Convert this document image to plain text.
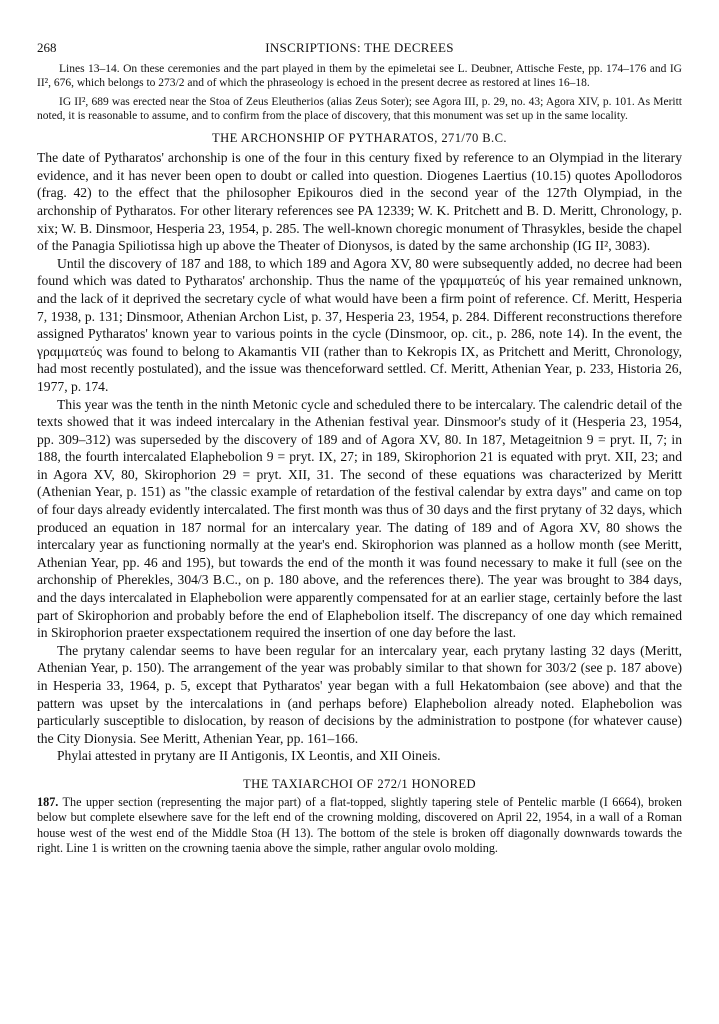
268	INSCRIPTIONS: THE DECREES

Lines 13–14. On these ceremonies and the part played in them by the epimeletai see L. Deubner, Attische Feste, pp. 174–176 and IG II², 676, which belongs to 273/2 and of which the phraseology is echoed in the present decree as restored at lines 16–18.

IG II², 689 was erected near the Stoa of Zeus Eleutherios (alias Zeus Soter); see Agora III, p. 29, no. 43; Agora XIV, p. 101. As Meritt noted, it is reasonable to assume, and to confirm from the place of discovery, that this monument was set up in the same locality.

THE ARCHONSHIP OF PYTHARATOS, 271/70 B.C.

The date of Pytharatos' archonship is one of the four in this century fixed by reference to an Olympiad in the literary evidence, and it has never been open to doubt or called into question. Diogenes Laertius (10.15) quotes Apollodoros (frag. 42) to the effect that the philosopher Epikouros died in the second year of the 127th Olympiad, in the archonship of Pytharatos. For other literary references see PA 12339; W. K. Pritchett and B. D. Meritt, Chronology, p. xix; W. B. Dinsmoor, Hesperia 23, 1954, p. 285. The well-known choregic monument of Thrasykles, beside the chapel of the Panagia Spiliotissa high up above the Theater of Dionysos, is dated by the same archonship (IG II², 3083).

Until the discovery of 187 and 188, to which 189 and Agora XV, 80 were subsequently added, no decree had been found which was dated to Pytharatos' archonship. Thus the name of the γραμματεύς of his year remained unknown, and the lack of it deprived the secretary cycle of what would have been a firm point of reference. Cf. Meritt, Hesperia 7, 1938, p. 131; Dinsmoor, Athenian Archon List, p. 37, Hesperia 23, 1954, p. 284. Different reconstructions therefore assigned Pytharatos' known year to various points in the cycle (Dinsmoor, op. cit., p. 286, note 14). In the event, the γραμματεύς was found to belong to Akamantis VII (rather than to Kekropis IX, as Pritchett and Meritt, Chronology, had most recently postulated), and the issue was thenceforward settled. Cf. Meritt, Athenian Year, p. 233, Historia 26, 1977, p. 174.

This year was the tenth in the ninth Metonic cycle and scheduled there to be intercalary. The calendric detail of the texts showed that it was indeed intercalary in the Athenian festival year. Dinsmoor's study of it (Hesperia 23, 1954, pp. 309–312) was superseded by the discovery of 189 and of Agora XV, 80. In 187, Metageitnion 9 = pryt. II, 7; in 188, the fourth intercalated Elaphebolion 9 = pryt. IX, 27; in 189, Skirophorion 21 is equated with pryt. XII, 23; and in Agora XV, 80, Skirophorion 29 = pryt. XII, 31. The second of these equations was characterized by Meritt (Athenian Year, p. 151) as "the classic example of retardation of the festival calendar by extra days" and came on top of four days already evidently intercalated. The first month was thus of 30 days and the first prytany of 32 days, which produced an equation in 187 normal for an intercalary year. The dating of 189 and of Agora XV, 80 shows the intercalary year as functioning normally at the year's end. Skirophorion was planned as a hollow month (see Meritt, Athenian Year, pp. 46 and 195), but towards the end of the month it was found necessary to make it full (see on the archonship of Pherekles, 304/3 B.C., on p. 180 above, and the references there). The year was brought to 384 days, and the days intercalated in Elaphebolion were apparently compensated for at an earlier stage, certainly before the last part of Skirophorion and probably before the end of Elaphebolion itself. The discrepancy of one day which remained in Skirophorion praeter exspectationem required the insertion of one day before the last.

The prytany calendar seems to have been regular for an intercalary year, each prytany lasting 32 days (Meritt, Athenian Year, p. 150). The arrangement of the year was probably similar to that shown for 303/2 (see p. 187 above) in Hesperia 33, 1964, p. 5, except that Pytharatos' year began with a full Hekatombaion (see above) and that the pattern was upset by the intercalations in (and perhaps before) Elaphebolion already noted. Elaphebolion was particularly susceptible to dislocation, by reason of decisions by the administration to postpone (for whatever cause) the City Dionysia. See Meritt, Athenian Year, pp. 161–166.

Phylai attested in prytany are II Antigonis, IX Leontis, and XII Oineis.

THE TAXIARCHOI OF 272/1 HONORED

187. The upper section (representing the major part) of a flat-topped, slightly tapering stele of Pentelic marble (I 6664), broken below but complete elsewhere save for the left end of the crowning molding, discovered on April 22, 1954, in a wall of a Roman house west of the west end of the Middle Stoa (H 13). The bottom of the stele is broken off diagonally downwards towards the right. Line 1 is written on the crowning taenia above the simple, rather angular ovolo molding.
